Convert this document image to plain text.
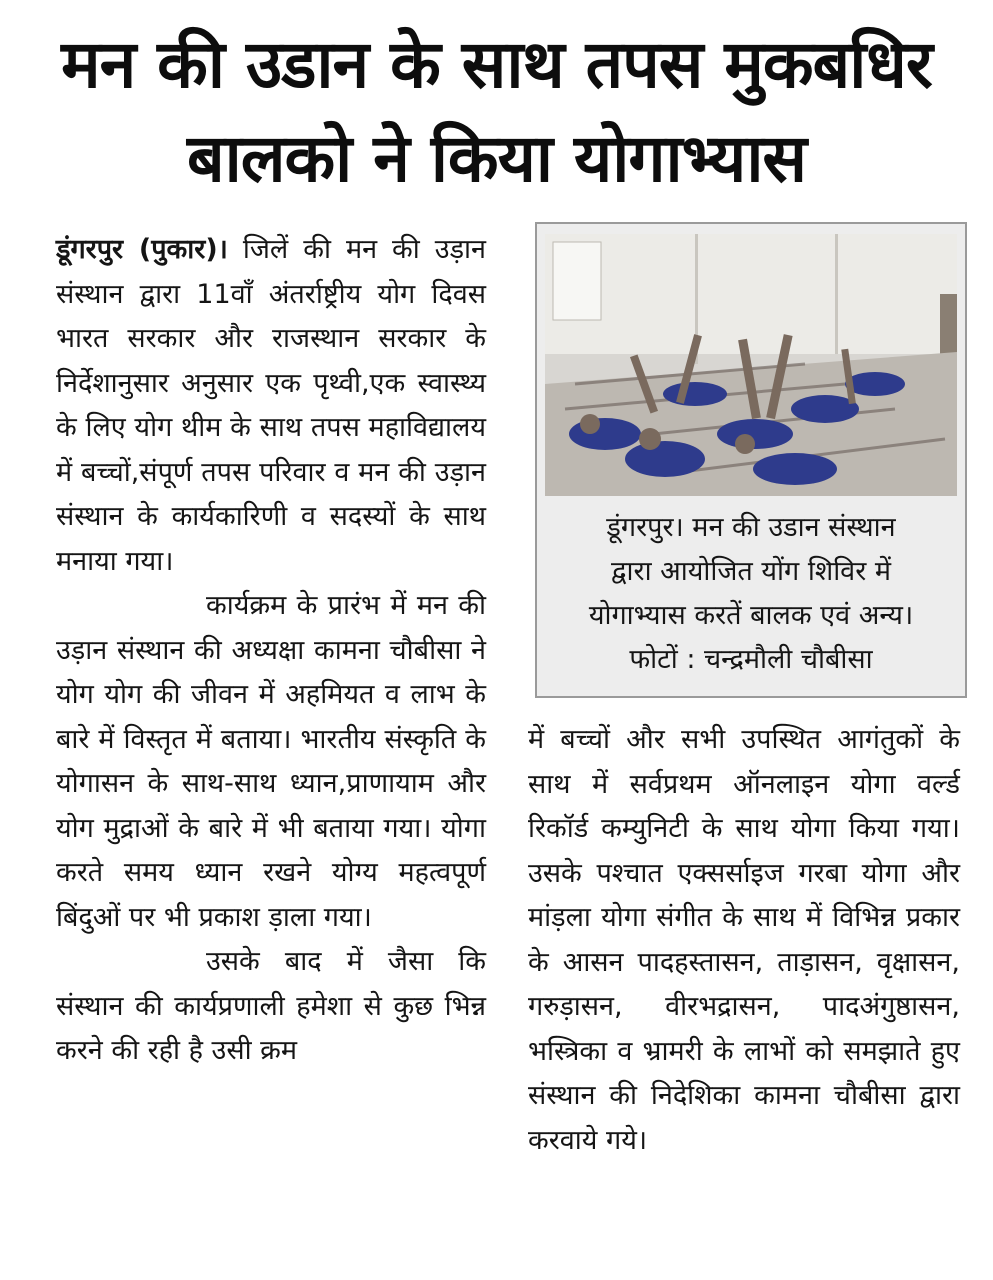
मन की उडान के साथ तपस मुकबधिर
बालको ने किया योगाभ्यास

डूंगरपुर (पुकार)। जिलें की मन की उड़ान संस्थान द्वारा 11वाँ अंतर्राष्ट्रीय योग दिवस भारत सरकार और राजस्थान सरकार के निर्देशानुसार अनुसार एक पृथ्वी,एक स्वास्थ्य के लिए योग थीम के साथ तपस महाविद्यालय में बच्चों,संपूर्ण तपस परिवार व मन की उड़ान संस्थान के कार्यकारिणी व सदस्यों के साथ मनाया गया।

कार्यक्रम के प्रारंभ में मन की उड़ान संस्थान की अध्यक्षा कामना चौबीसा ने योग योग की जीवन में अहमियत व लाभ के बारे में विस्तृत में बताया। भारतीय संस्कृति के योगासन के साथ-साथ ध्यान,प्राणायाम और योग मुद्राओं के बारे में भी बताया गया। योगा करते समय ध्यान रखने योग्य महत्वपूर्ण बिंदुओं पर भी प्रकाश ड़ाला गया।

उसके बाद में जैसा कि संस्थान की कार्यप्रणाली हमेशा से कुछ भिन्न करने की रही है उसी क्रम

डूंगरपुर। मन की उडान संस्थान
द्वारा आयोजित योंग शिविर में
योगाभ्यास करतें बालक एवं अन्य।
फोटों : चन्द्रमौली चौबीसा

में बच्चों और सभी उपस्थित आगंतुकों के साथ में सर्वप्रथम ऑनलाइन योगा वर्ल्ड रिकॉर्ड कम्युनिटी के साथ योगा किया गया। उसके पश्चात एक्सर्साइज गरबा योगा और मांड़ला योगा संगीत के साथ में विभिन्न प्रकार के आसन पादहस्तासन, ताड़ासन, वृक्षासन, गरुड़ासन, वीरभद्रासन, पादअंगुष्ठासन, भस्त्रिका व भ्रामरी के लाभों को समझाते हुए संस्थान की निदेशिका कामना चौबीसा द्वारा करवाये गये।
